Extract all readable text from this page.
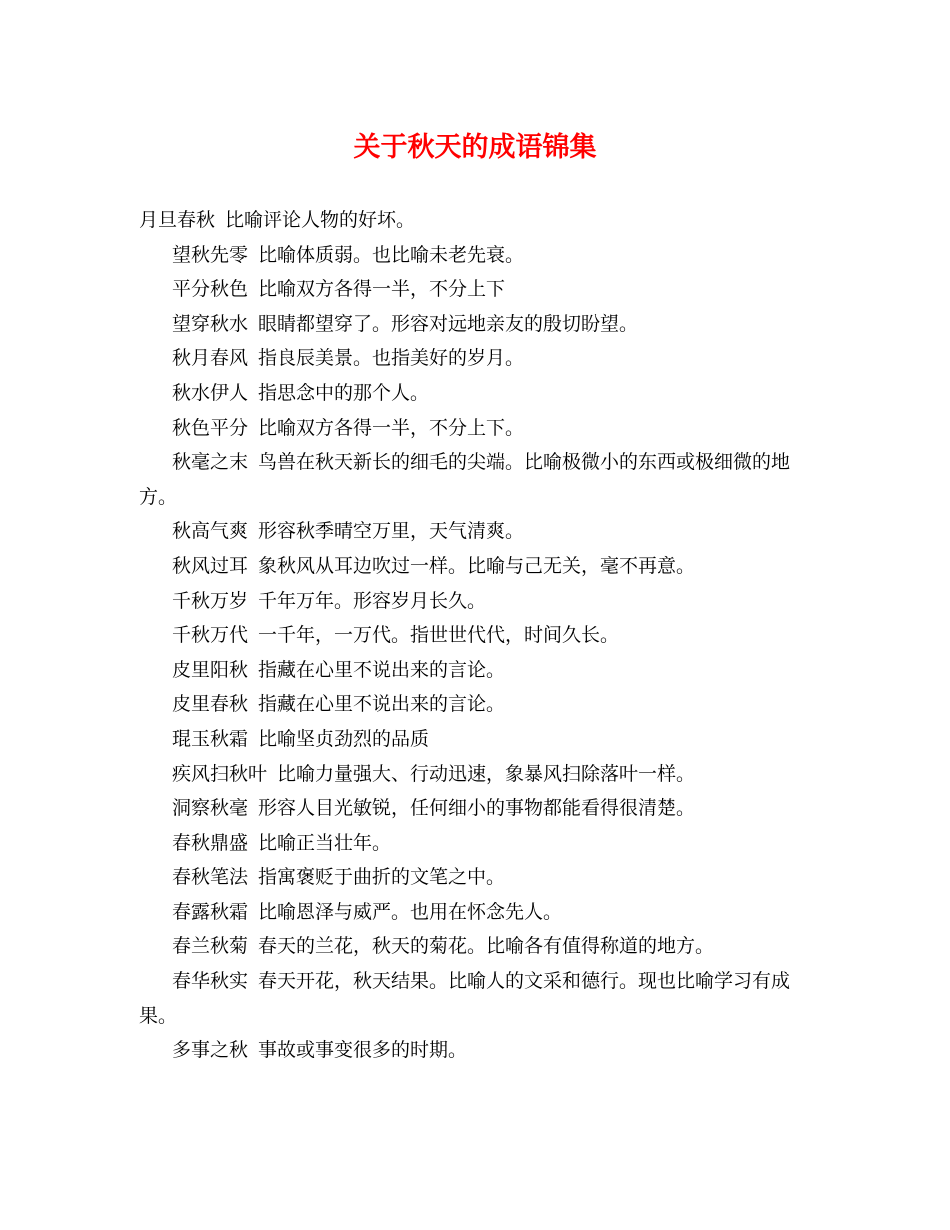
关于秋天的成语锦集

月旦春秋 比喻评论人物的好坏。

望秋先零 比喻体质弱。也比喻未老先衰。

平分秋色 比喻双方各得一半，不分上下

望穿秋水 眼睛都望穿了。形容对远地亲友的殷切盼望。

秋月春风 指良辰美景。也指美好的岁月。

秋水伊人 指思念中的那个人。

秋色平分 比喻双方各得一半，不分上下。

秋毫之末 鸟兽在秋天新长的细毛的尖端。比喻极微小的东西或极细微的地方。

秋高气爽 形容秋季晴空万里，天气清爽。

秋风过耳 象秋风从耳边吹过一样。比喻与己无关，毫不再意。

千秋万岁 千年万年。形容岁月长久。

千秋万代 一千年，一万代。指世世代代，时间久长。

皮里阳秋 指藏在心里不说出来的言论。

皮里春秋 指藏在心里不说出来的言论。

琨玉秋霜 比喻坚贞劲烈的品质

疾风扫秋叶 比喻力量强大、行动迅速，象暴风扫除落叶一样。

洞察秋毫 形容人目光敏锐，任何细小的事物都能看得很清楚。

春秋鼎盛 比喻正当壮年。

春秋笔法 指寓褒贬于曲折的文笔之中。

春露秋霜 比喻恩泽与威严。也用在怀念先人。

春兰秋菊 春天的兰花，秋天的菊花。比喻各有值得称道的地方。

春华秋实 春天开花，秋天结果。比喻人的文采和德行。现也比喻学习有成果。

多事之秋 事故或事变很多的时期。
